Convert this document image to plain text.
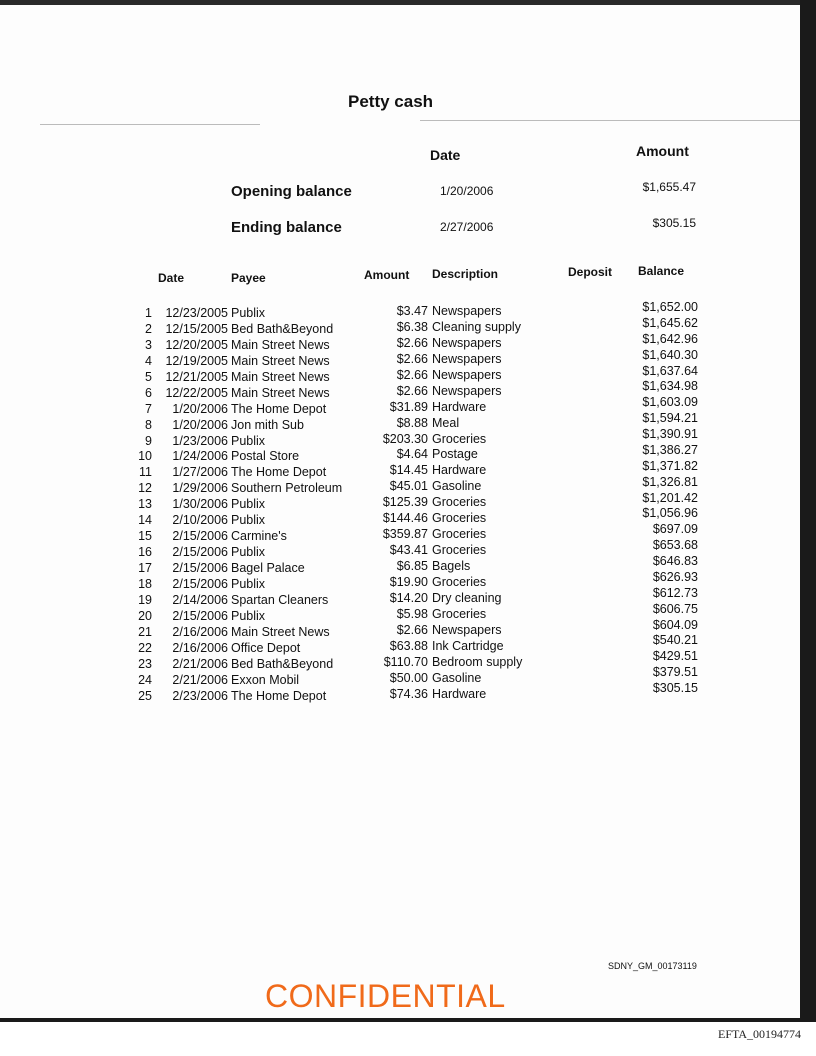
Petty cash
Date	Amount
Opening balance	1/20/2006	$1,655.47
Ending balance	2/27/2006	$305.15
Date	Payee	Amount Description	Deposit Balance
1	12/23/2005 Publix	$3.47 Newspapers	$1,652.00
2	12/15/2005 Bed Bath&Beyond	$6.38 Cleaning supply	$1,645.62
3	12/20/2005 Main Street News	$2.66 Newspapers	$1,642.96
4	12/19/2005 Main Street News	$2.66 Newspapers	$1,640.30
5	12/21/2005 Main Street News	$2.66 Newspapers	$1,637.64
6	12/22/2005 Main Street News	$2.66 Newspapers	$1,634.98
7	1/20/2006 The Home Depot	$31.89 Hardware	$1,603.09
8	1/20/2006 Jon mith Sub	$8.88 Meal	$1,594.21
9	1/23/2006 Publix	$203.30 Groceries	$1,390.91
10	1/24/2006 Postal Store	$4.64 Postage	$1,386.27
11	1/27/2006 The Home Depot	$14.45 Hardware	$1,371.82
12	1/29/2006 Southern Petroleum	$45.01 Gasoline	$1,326.81
13	1/30/2006 Publix	$125.39 Groceries	$1,201.42
14	2/10/2006 Publix	$144.46 Groceries	$1,056.96
15	2/15/2006 Carmine's	$359.87 Groceries	$697.09
16	2/15/2006 Publix	$43.41 Groceries	$653.68
17	2/15/2006 Bagel Palace	$6.85 Bagels	$646.83
18	2/15/2006 Publix	$19.90 Groceries	$626.93
19	2/14/2006 Spartan Cleaners	$14.20 Dry cleaning	$612.73
20	2/15/2006 Publix	$5.98 Groceries	$606.75
21	2/16/2006 Main Street News	$2.66 Newspapers	$604.09
22	2/16/2006 Office Depot	$63.88 Ink Cartridge	$540.21
23	2/21/2006 Bed Bath&Beyond	$110.70 Bedroom supply	$429.51
24	2/21/2006 Exxon Mobil	$50.00 Gasoline	$379.51
25	2/23/2006 The Home Depot	$74.36 Hardware	$305.15
SDNY_GM_00173119
CONFIDENTIAL
EFTA_00194774
